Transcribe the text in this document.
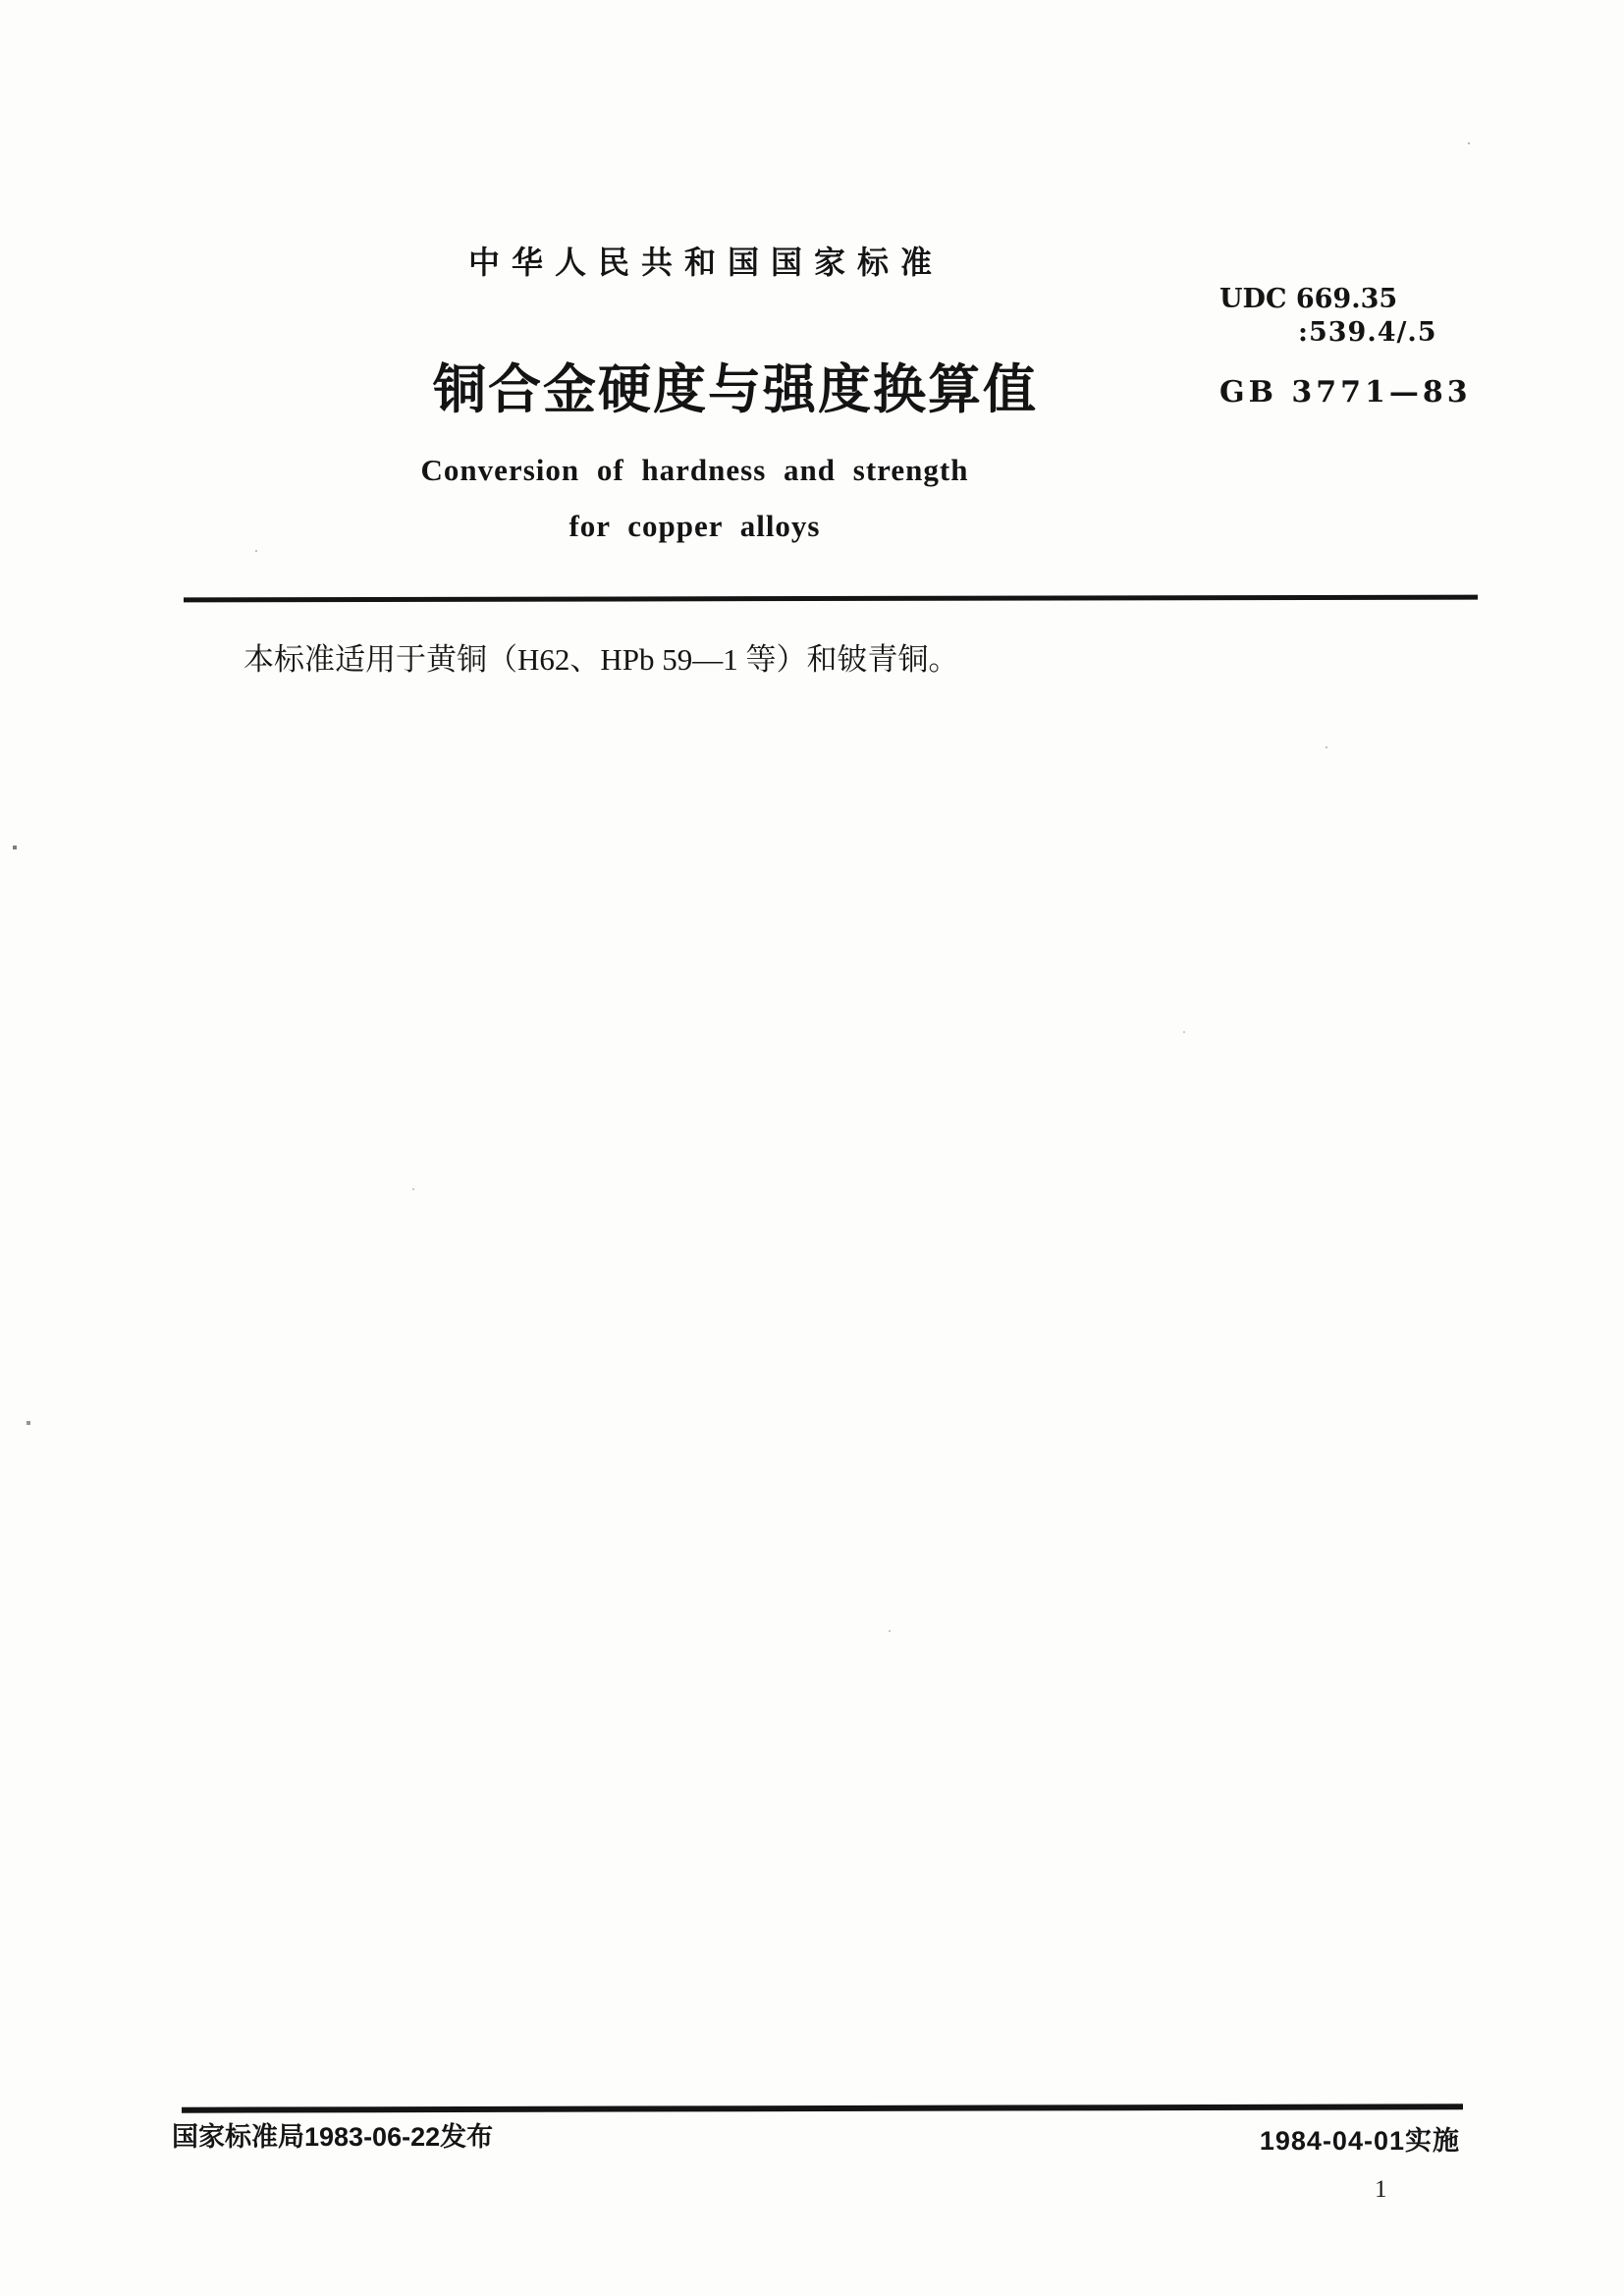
中华人民共和国国家标准
UDC 669.35
:539.4/.5
铜合金硬度与强度换算值	GB 3771—83
Conversion of hardness and strength
for copper alloys
本标准适用于黄铜（H62、HPb 59—1 等）和铍青铜。
国家标准局1983-06-22发布	1984-04-01实施
1
